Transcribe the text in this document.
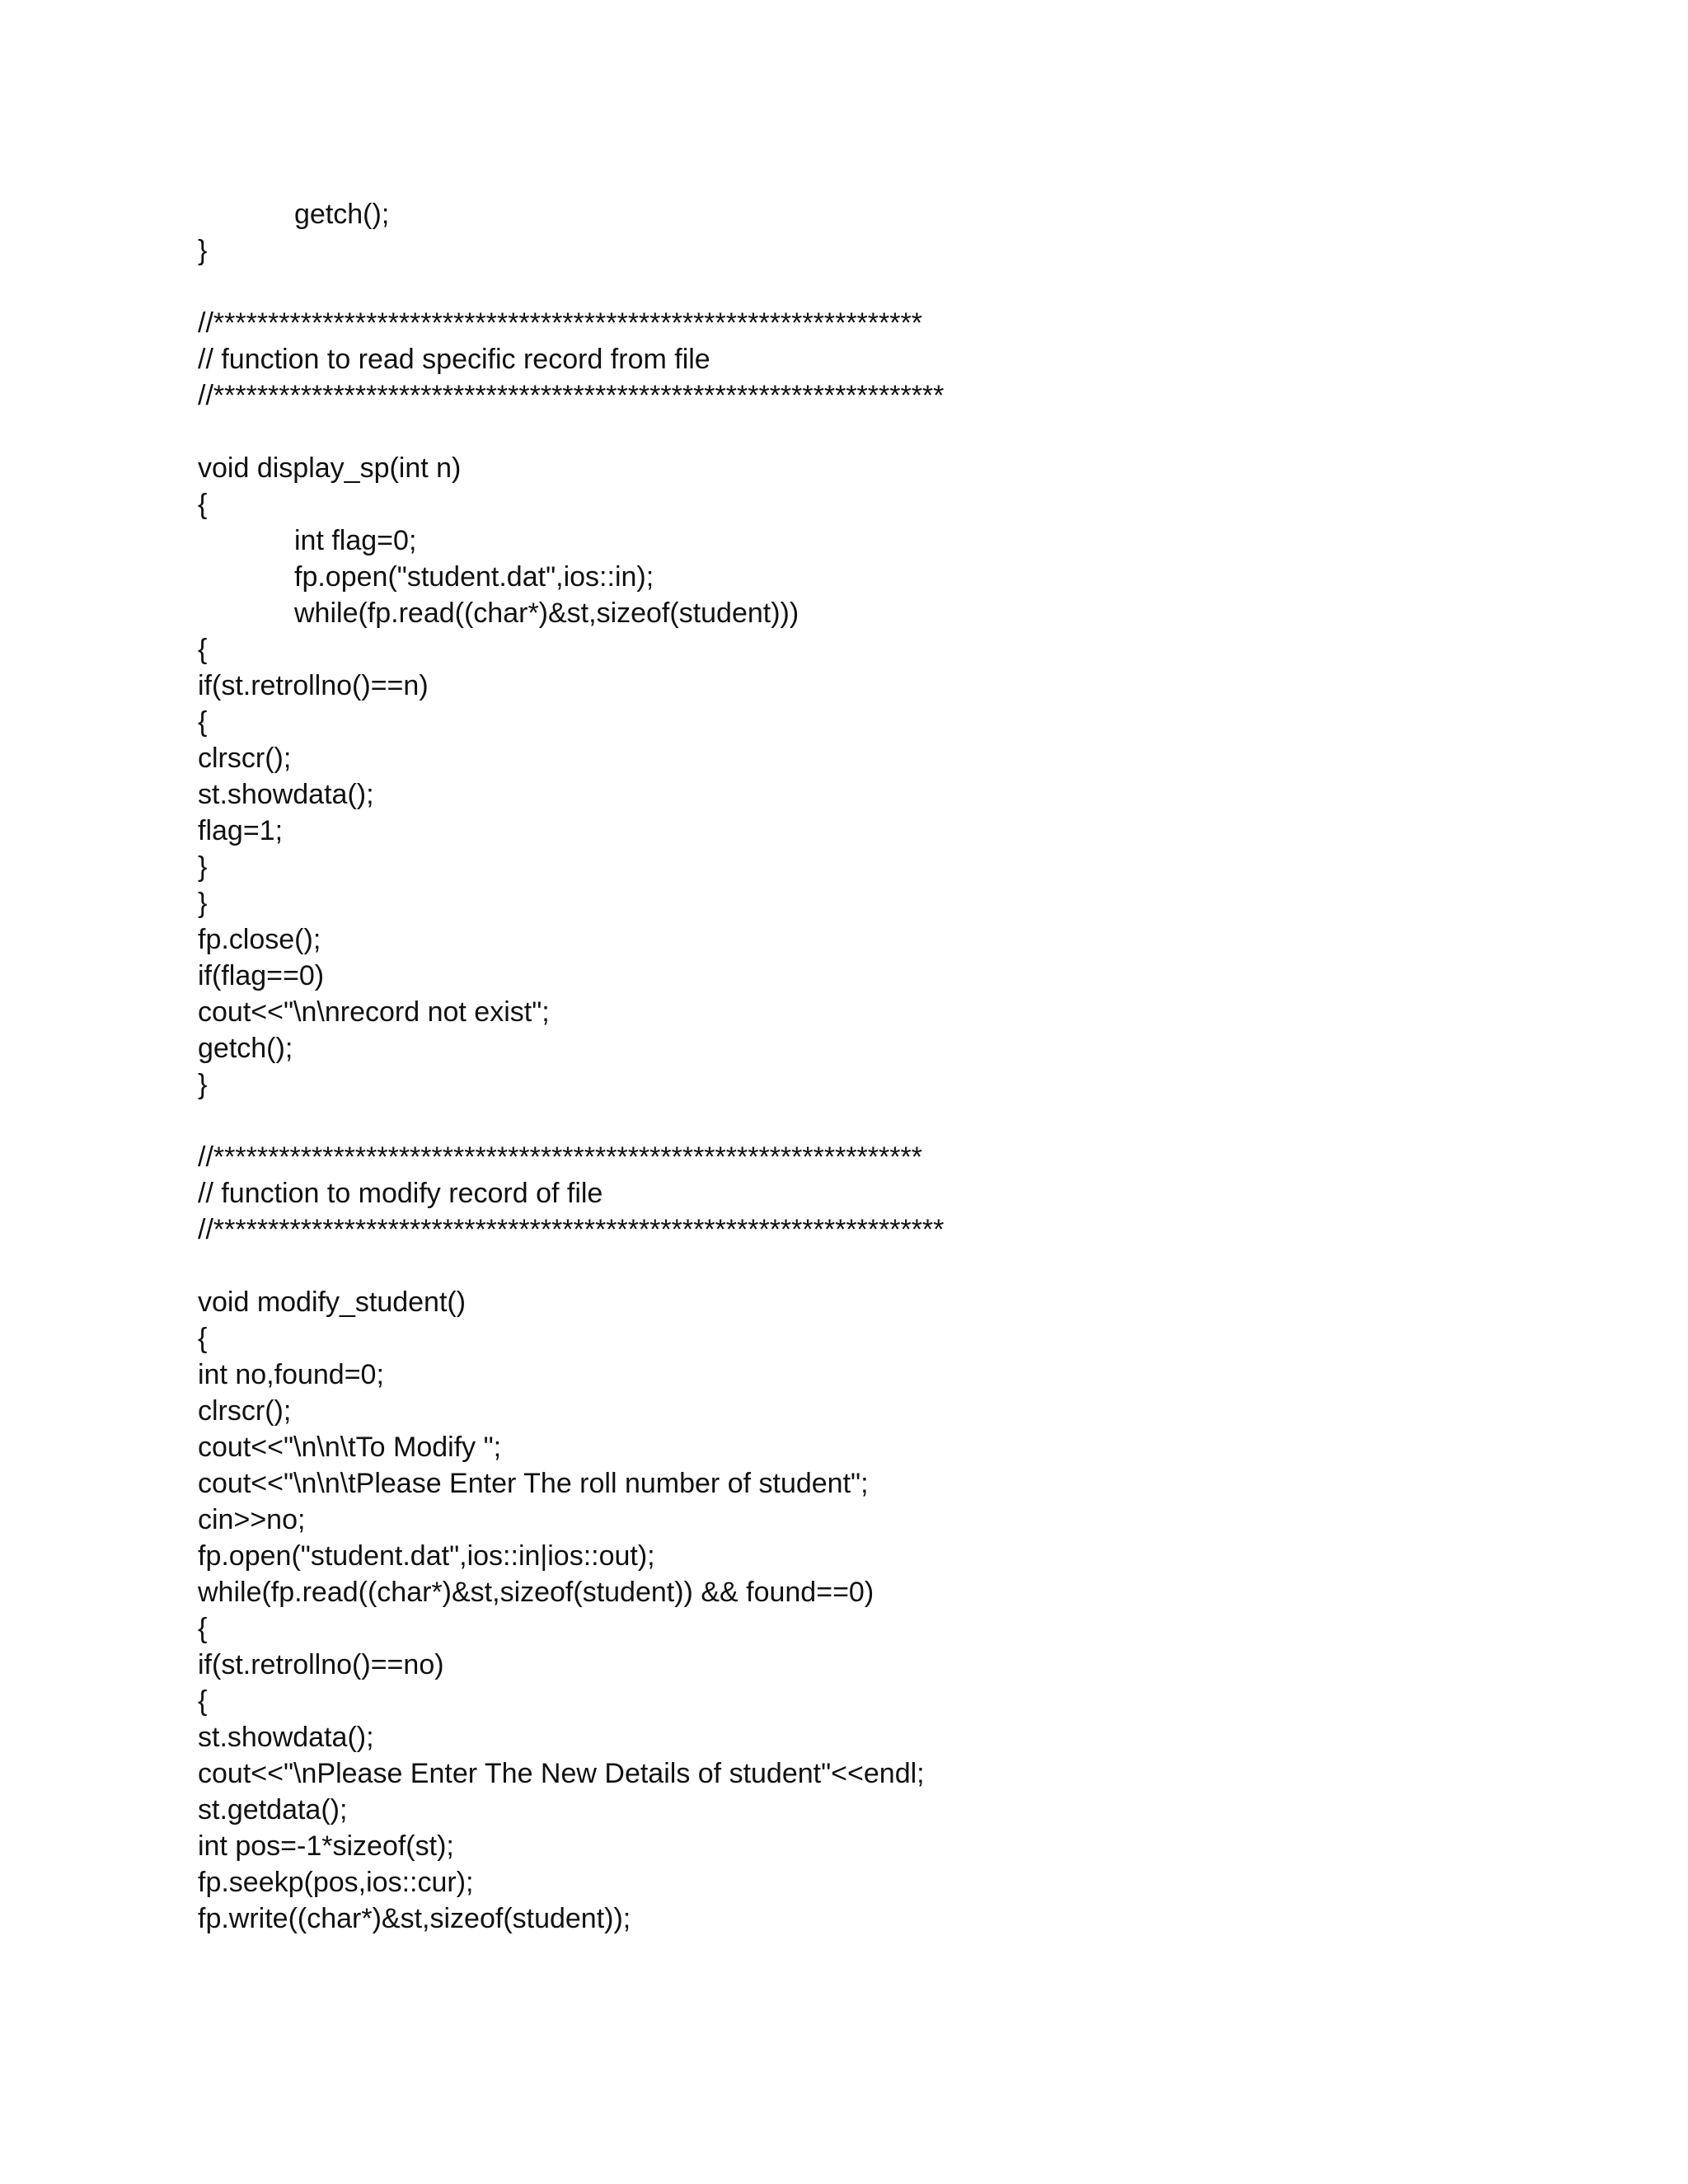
getch();
}
//*****************************************************************
// function to read specific record from file
//*******************************************************************
void display_sp(int n)
{
int flag=0;
fp.open("student.dat",ios::in);
while(fp.read((char*)&st,sizeof(student)))
{
if(st.retrollno()==n)
{
clrscr();
st.showdata();
flag=1;
}
}
fp.close();
if(flag==0)
cout<<"\n\nrecord not exist";
getch();
}
//*****************************************************************
// function to modify record of file
//*******************************************************************
void modify_student()
{
int no,found=0;
clrscr();
cout<<"\n\n\tTo Modify ";
cout<<"\n\n\tPlease Enter The roll number of student";
cin>>no;
fp.open("student.dat",ios::in|ios::out);
while(fp.read((char*)&st,sizeof(student)) && found==0)
{
if(st.retrollno()==no)
{
st.showdata();
cout<<"\nPlease Enter The New Details of student"<<endl;
st.getdata();
int pos=-1*sizeof(st);
fp.seekp(pos,ios::cur);
fp.write((char*)&st,sizeof(student));
